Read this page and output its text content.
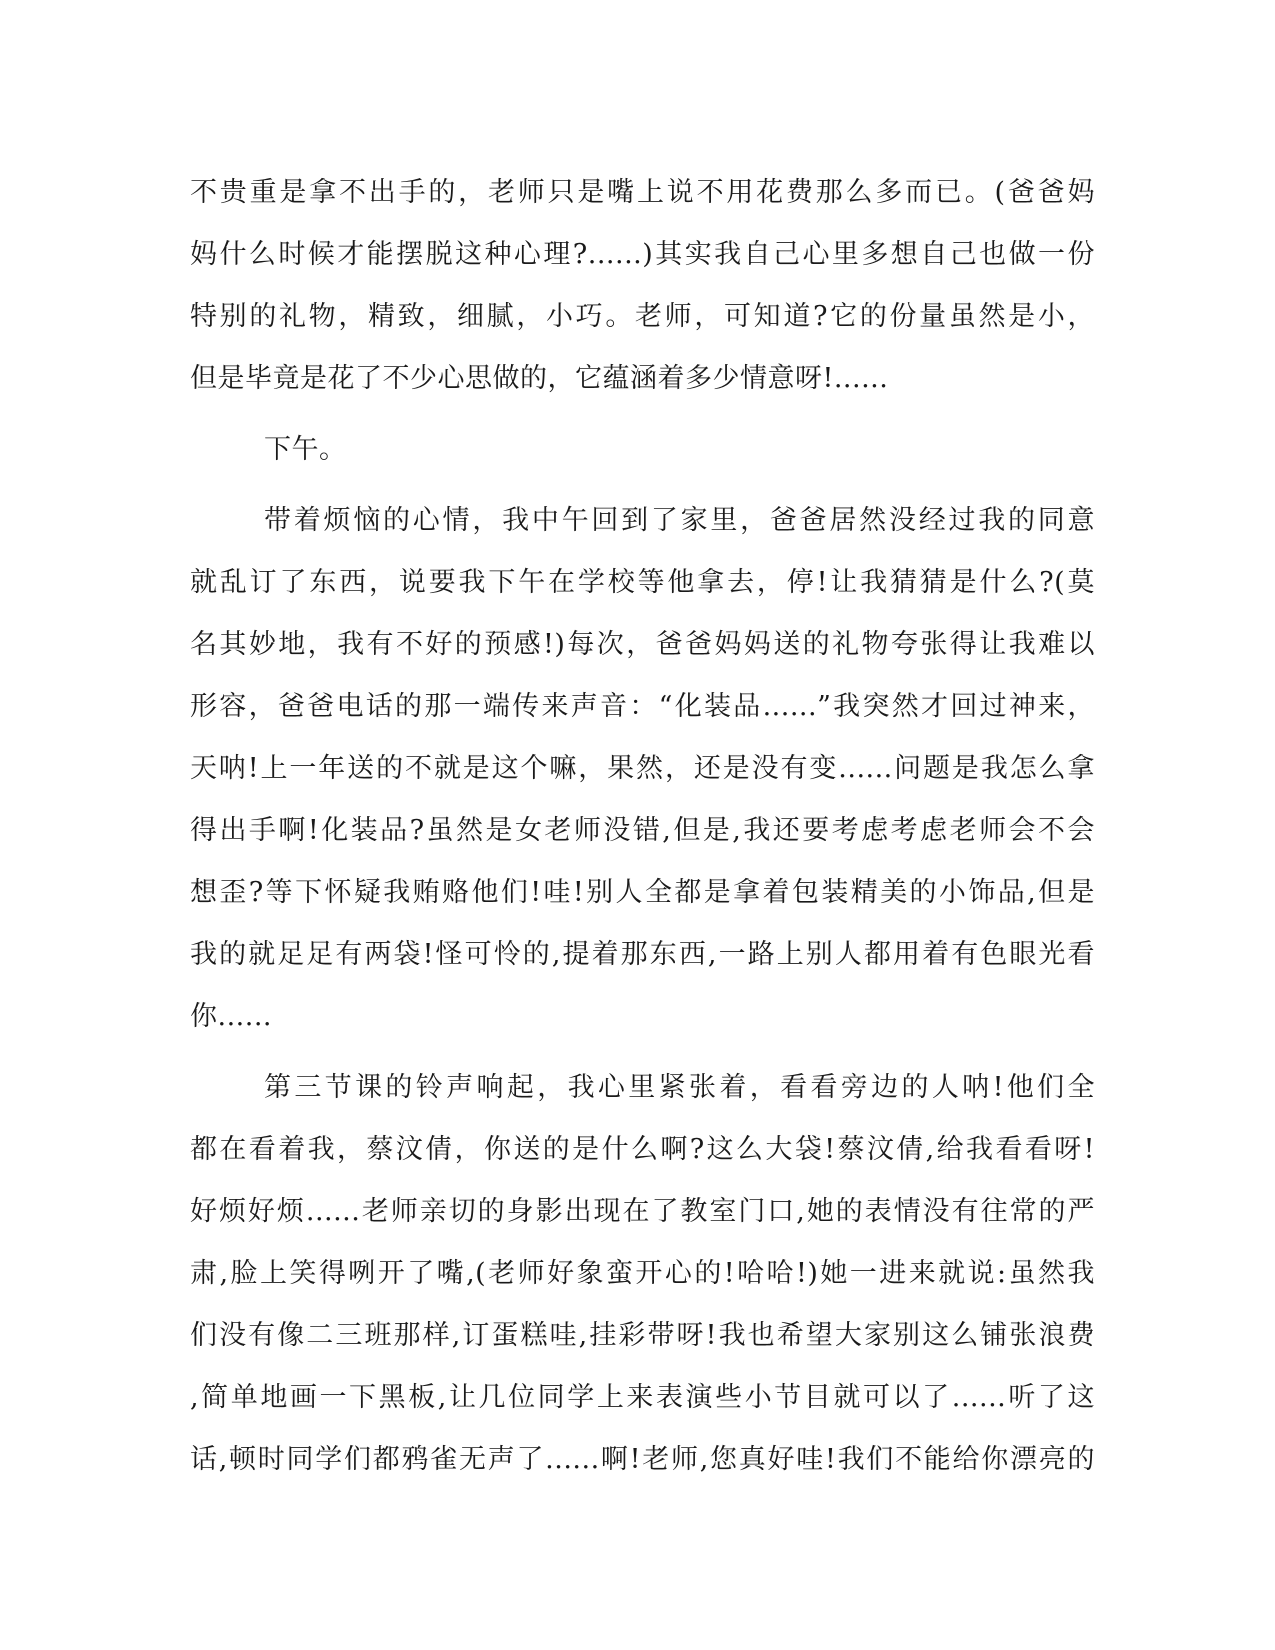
不贵重是拿不出手的，老师只是嘴上说不用花费那么多而已。(爸爸妈
妈什么时候才能摆脱这种心理?......)其实我自己心里多想自己也做一份
特别的礼物，精致，细腻，小巧。老师，可知道?它的份量虽然是小，
但是毕竟是花了不少心思做的，它蕴涵着多少情意呀!......
下午。
带着烦恼的心情，我中午回到了家里，爸爸居然没经过我的同意
就乱订了东西，说要我下午在学校等他拿去，停!让我猜猜是什么?(莫
名其妙地，我有不好的预感!)每次，爸爸妈妈送的礼物夸张得让我难以
形容，爸爸电话的那一端传来声音：“化装品......”我突然才回过神来，
天呐!上一年送的不就是这个嘛，果然，还是没有变......问题是我怎么拿
得出手啊!化装品?虽然是女老师没错,但是,我还要考虑考虑老师会不会
想歪?等下怀疑我贿赂他们!哇!别人全都是拿着包装精美的小饰品,但是
我的就足足有两袋!怪可怜的,提着那东西,一路上别人都用着有色眼光看
你......
第三节课的铃声响起，我心里紧张着，看看旁边的人呐!他们全
都在看着我，蔡汶倩，你送的是什么啊?这么大袋!蔡汶倩,给我看看呀!
好烦好烦......老师亲切的身影出现在了教室门口,她的表情没有往常的严
肃,脸上笑得咧开了嘴,(老师好象蛮开心的!哈哈!)她一进来就说:虽然我
们没有像二三班那样,订蛋糕哇,挂彩带呀!我也希望大家别这么铺张浪费
,简单地画一下黑板,让几位同学上来表演些小节目就可以了......听了这
话,顿时同学们都鸦雀无声了......啊!老师,您真好哇!我们不能给你漂亮的
